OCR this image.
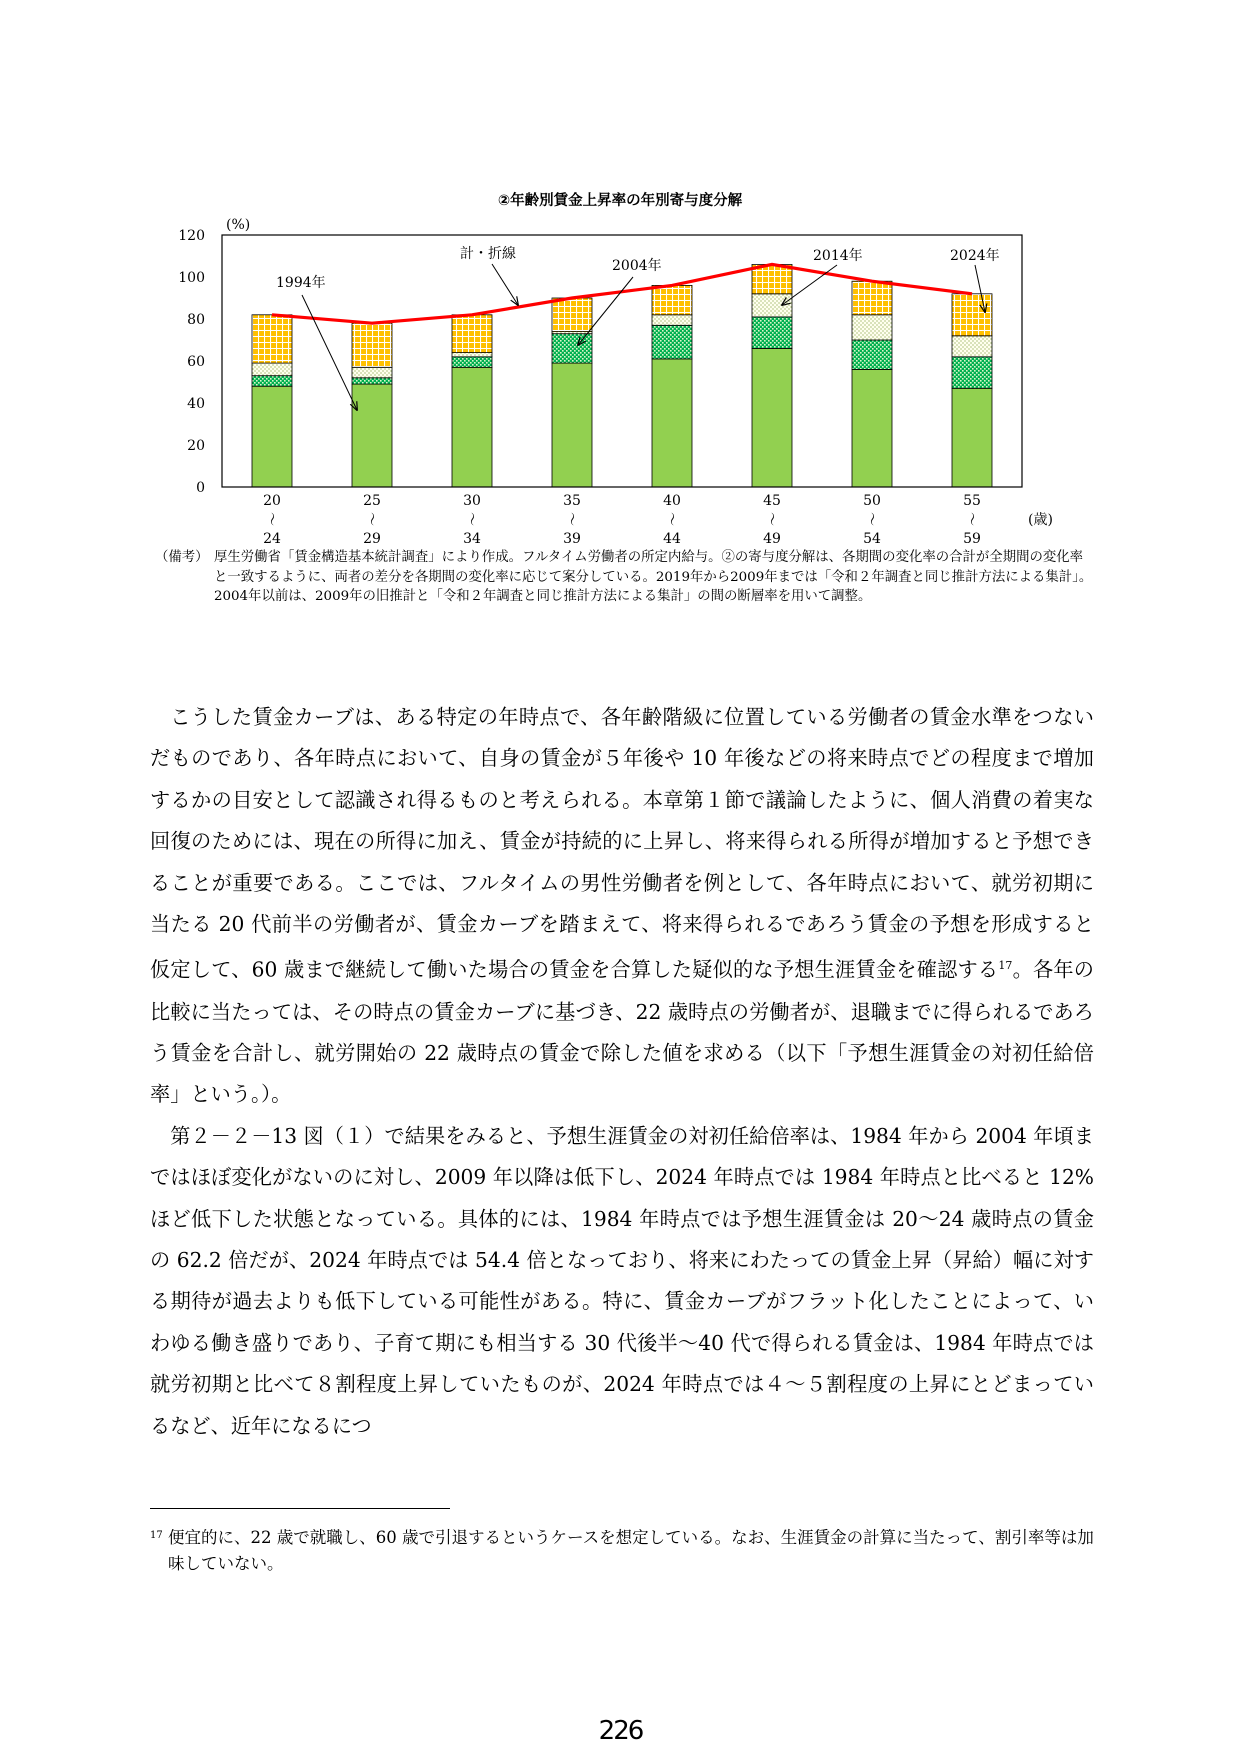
②年齢別賃金上昇率の年別寄与度分解
(%)
120
100
80
60
40
20
0
20
〜
24
25
〜
29
30
〜
34
35
〜
39
40
〜
44
45
〜
49
50
〜
54
55
〜
59
(歳)
計・折線
1994年
2004年
2014年	2024年
（備考） 厚生労働省「賃金構造基本統計調査」により作成。フルタイム労働者の所定内給与。②の寄与度分解は、各期間の変化率の合計が全期間の変化率と一致するように、両者の差分を各期間の変化率に応じて案分している。2019年から2009年までは「令和２年調査と同じ推計方法による集計」。2004年以前は、2009年の旧推計と「令和２年調査と同じ推計方法による集計」の間の断層率を用いて調整。

こうした賃金カーブは、ある特定の年時点で、各年齢階級に位置している労働者の賃金水準をつないだものであり、各年時点において、自身の賃金が５年後や 10 年後などの将来時点でどの程度まで増加するかの目安として認識され得るものと考えられる。本章第１節で議論したように、個人消費の着実な回復のためには、現在の所得に加え、賃金が持続的に上昇し、将来得られる所得が増加すると予想できることが重要である。ここでは、フルタイムの男性労働者を例として、各年時点において、就労初期に当たる 20 代前半の労働者が、賃金カーブを踏まえて、将来得られるであろう賃金の予想を形成すると仮定して、60 歳まで継続して働いた場合の賃金を合算した疑似的な予想生涯賃金を確認する$^{17}$。各年の比較に当たっては、その時点の賃金カーブに基づき、22 歳時点の労働者が、退職までに得られるであろう賃金を合計し、就労開始の 22 歳時点の賃金で除した値を求める（以下「予想生涯賃金の対初任給倍率」という。）。

第２－２－13 図（１）で結果をみると、予想生涯賃金の対初任給倍率は、1984 年から 2004 年頃まではほぼ変化がないのに対し、2009 年以降は低下し、2024 年時点では 1984 年時点と比べると 12%ほど低下した状態となっている。具体的には、1984 年時点では予想生涯賃金は 20〜24 歳時点の賃金の 62.2 倍だが、2024 年時点では 54.4 倍となっており、将来にわたっての賃金上昇（昇給）幅に対する期待が過去よりも低下している可能性がある。特に、賃金カーブがフラット化したことによって、いわゆる働き盛りであり、子育て期にも相当する 30 代後半〜40 代で得られる賃金は、1984 年時点では就労初期と比べて８割程度上昇していたものが、2024 年時点では４～５割程度の上昇にとどまっているなど、近年になるにつ

17 便宜的に、22 歳で就職し、60 歳で引退するというケースを想定している。なお、生涯賃金の計算に当たって、割引率等は加味していない。
226
